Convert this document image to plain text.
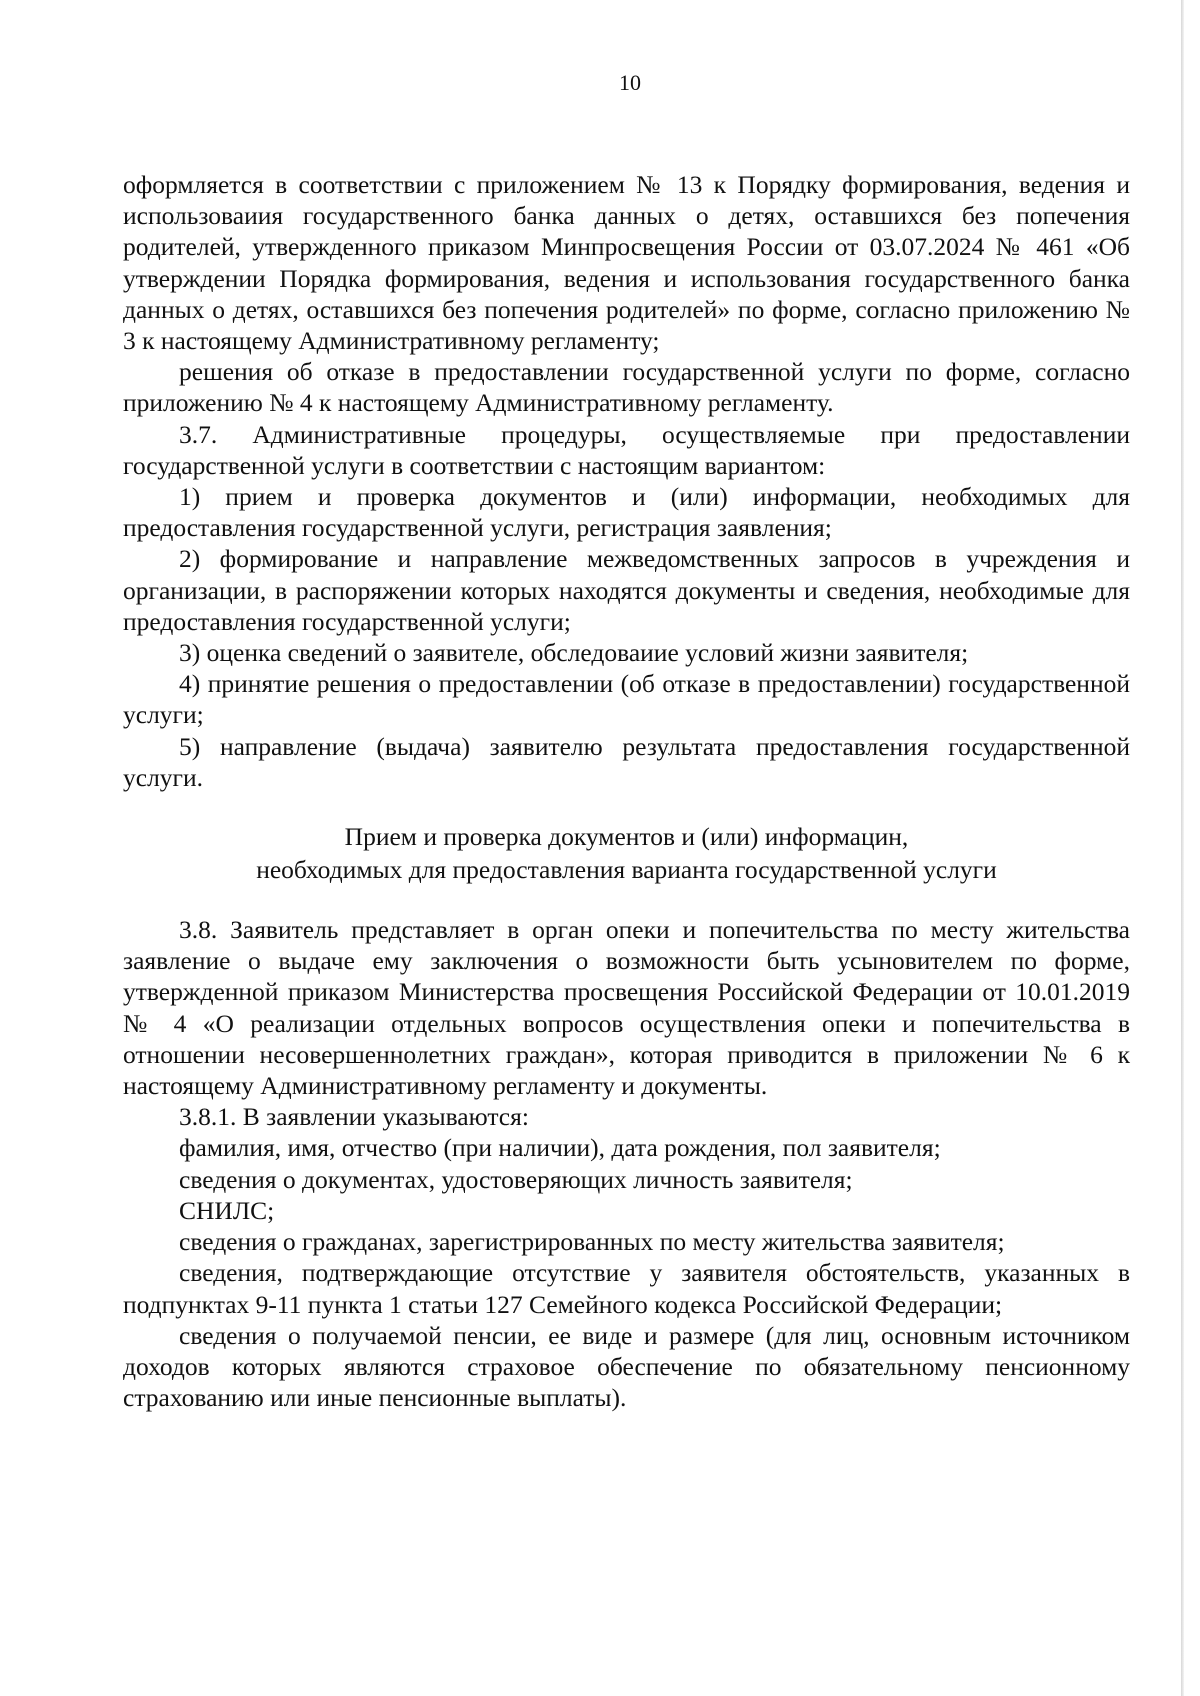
10

оформляется в соответствии с приложением № 13 к Порядку формирования, ведения и использоваиия государственного банка данных о детях, оставшихся без попечения родителей, утвержденного приказом Минпросвещения России от 03.07.2024 № 461 «Об утверждении Порядка формирования, ведения и использования государственного банка данных о детях, оставшихся без попечения родителей» по форме, согласно приложению № 3 к настоящему Административному регламенту;

решения об отказе в предоставлении государственной услуги по форме, согласно приложению № 4 к настоящему Административному регламенту.

3.7. Административные процедуры, осуществляемые при предоставлении государственной услуги в соответствии с настоящим вариантом:

1) прием и проверка документов и (или) информации, необходимых для предоставления государственной услуги, регистрация заявления;

2) формирование и направление межведомственных запросов в учреждения и организации, в распоряжении которых находятся документы и сведения, необходимые для предоставления государственной услуги;

3) оценка сведений о заявителе, обследоваиие условий жизни заявителя;

4) принятие решения о предоставлении (об отказе в предоставлении) государственной услуги;

5) направление (выдача) заявителю результата предоставления государственной услуги.

Прием и проверка документов и (или) информацин,
необходимых для предоставления варианта государственной услуги

3.8. Заявитель представляет в орган опеки и попечительства по месту жительства заявление о выдаче ему заключения о возможности быть усыновителем по форме, утвержденной приказом Министерства просвещения Российской Федерации от 10.01.2019 № 4 «О реализации отдельных вопросов осуществления опеки и попечительства в отношении несовершеннолетних граждан», которая приводится в приложении № 6 к настоящему Административному регламенту и документы.

3.8.1. В заявлении указываются:

фамилия, имя, отчество (при наличии), дата рождения, пол заявителя;

сведения о документах, удостоверяющих личность заявителя;

СНИЛС;

сведения о гражданах, зарегистрированных по месту жительства заявителя;

сведения, подтверждающие отсутствие у заявителя обстоятельств, указанных в подпунктах 9-11 пункта 1 статьи 127 Семейного кодекса Российской Федерации;

сведения о получаемой пенсии, ее виде и размере (для лиц, основным источником доходов которых являются страховое обеспечение по обязательному пенсионному страхованию или иные пенсионные выплаты).
